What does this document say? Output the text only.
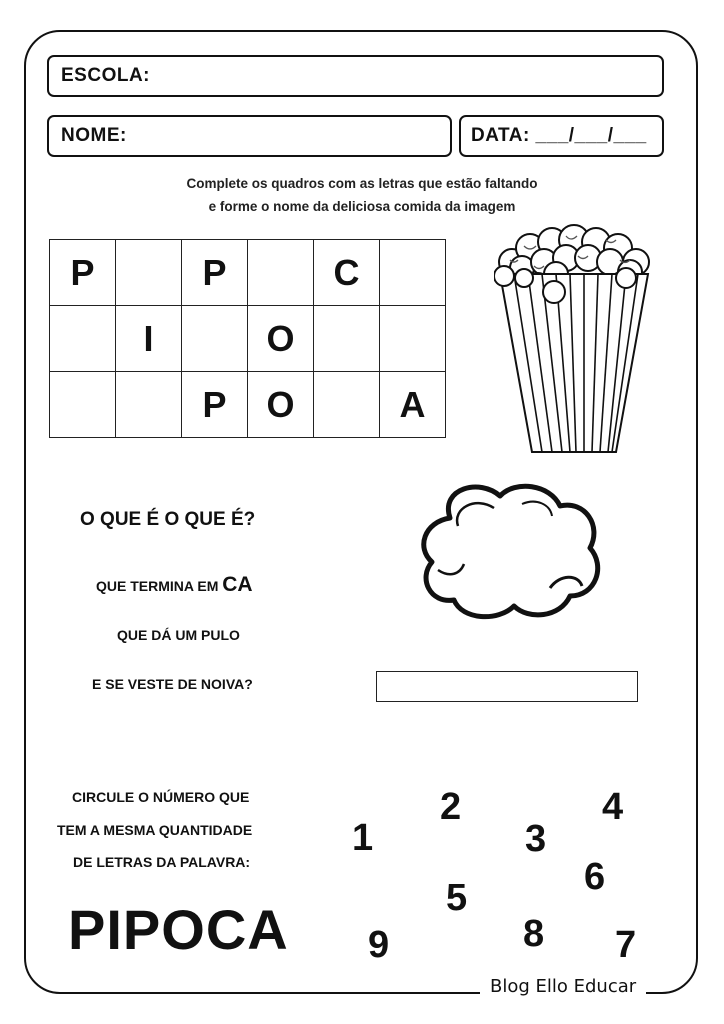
ESCOLA:
NOME:	DATA: ___/___/___
Complete os quadros com as letras que estão faltando
e forme o nome da deliciosa comida da imagem
P		P		C	
	I		O		
		P	O		A
O QUE É O QUE É?
QUE TERMINA EM CA
QUE DÁ UM PULO
E SE VESTE DE NOIVA?
CIRCULE O NÚMERO QUE
TEM A MESMA QUANTIDADE
DE LETRAS DA PALAVRA:
PIPOCA
1
2
3
4
5	6
7
8
9
Blog Ello Educar
